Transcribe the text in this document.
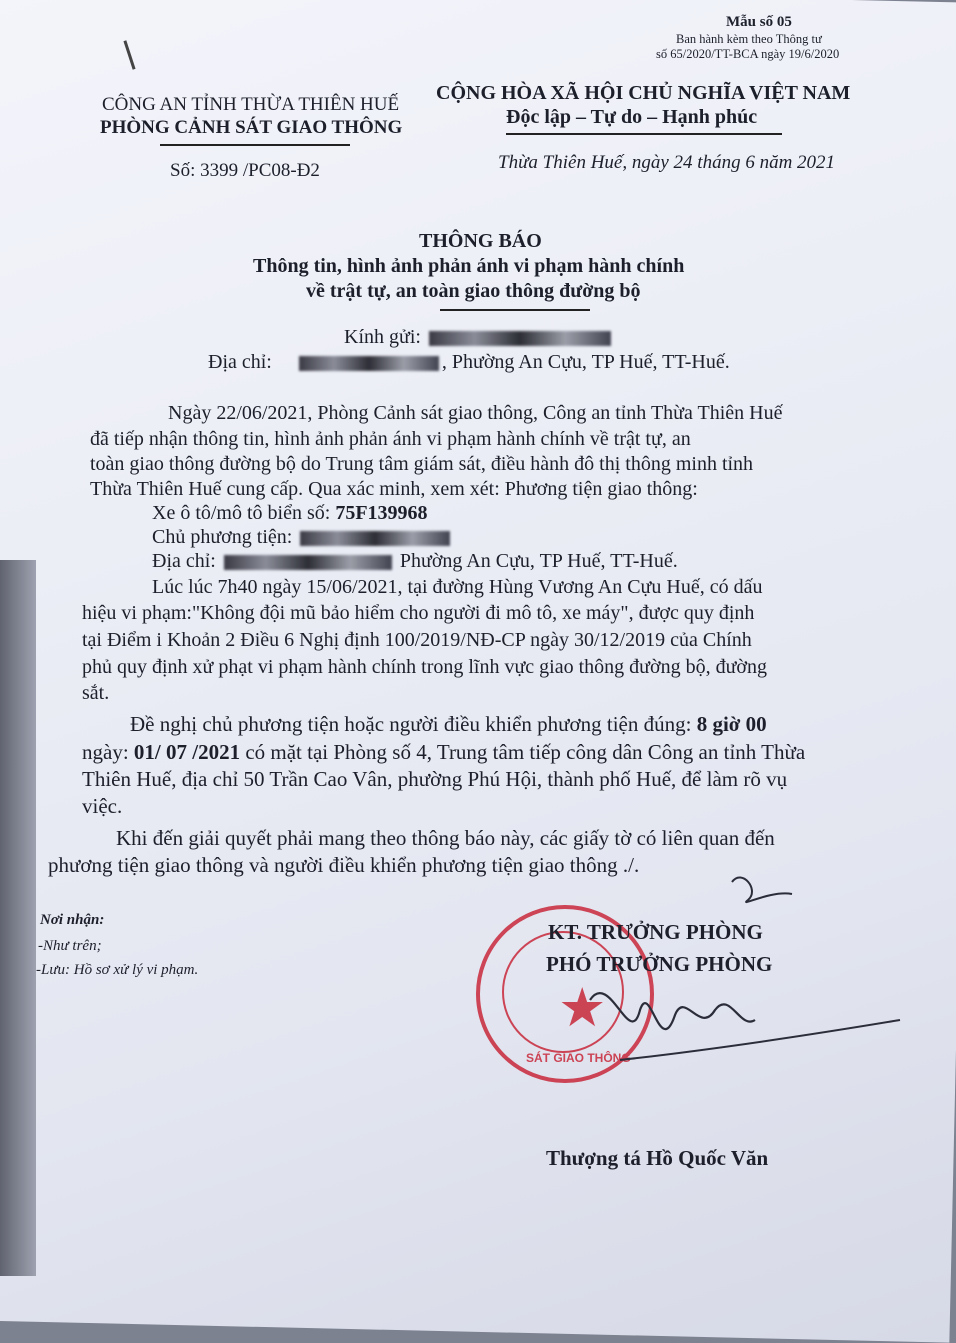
Mẫu số 05
Ban hành kèm theo Thông tư
số 65/2020/TT-BCA ngày 19/6/2020
CÔNG AN TỈNH THỪA THIÊN HUẾ
PHÒNG CẢNH SÁT GIAO THÔNG
CỘNG HÒA XÃ HỘI CHỦ NGHĨA VIỆT NAM
Độc lập – Tự do – Hạnh phúc
Số: 3399 /PC08-Đ2	Thừa Thiên Huế, ngày 24 tháng 6 năm 2021
THÔNG BÁO
Thông tin, hình ảnh phản ánh vi phạm hành chính
về trật tự, an toàn giao thông đường bộ
Kính gửi:
Địa chỉ:	, Phường An Cựu, TP Huế, TT-Huế.
Ngày 22/06/2021, Phòng Cảnh sát giao thông, Công an tỉnh Thừa Thiên Huế
đã tiếp nhận thông tin, hình ảnh phản ánh vi phạm hành chính về trật tự, an
toàn giao thông đường bộ do Trung tâm giám sát, điều hành đô thị thông minh tỉnh
Thừa Thiên Huế cung cấp. Qua xác minh, xem xét: Phương tiện giao thông:
Xe ô tô/mô tô biển số: 75F139968
Chủ phương tiện:
Địa chỉ:	Phường An Cựu, TP Huế, TT-Huế.
Lúc lúc 7h40 ngày 15/06/2021, tại đường Hùng Vương An Cựu Huế, có dấu
hiệu vi phạm:"Không đội mũ bảo hiểm cho người đi mô tô, xe máy", được quy định
tại Điểm i Khoản 2 Điều 6 Nghị định 100/2019/NĐ-CP ngày 30/12/2019 của Chính
phủ quy định xử phạt vi phạm hành chính trong lĩnh vực giao thông đường bộ, đường
sắt.
Đề nghị chủ phương tiện hoặc người điều khiển phương tiện đúng: 8 giờ 00
ngày: 01/ 07 /2021 có mặt tại Phòng số 4, Trung tâm tiếp công dân Công an tỉnh Thừa
Thiên Huế, địa chỉ 50 Trần Cao Vân, phường Phú Hội, thành phố Huế, để làm rõ vụ
việc.
Khi đến giải quyết phải mang theo thông báo này, các giấy tờ có liên quan đến
phương tiện giao thông và người điều khiển phương tiện giao thông ./.
Nơi nhận:
-Như trên;
-Lưu: Hồ sơ xử lý vi phạm.
★
SÁT GIAO THÔNG
KT. TRƯỞNG PHÒNG
PHÓ TRƯỞNG PHÒNG
Thượng tá Hồ Quốc Văn
